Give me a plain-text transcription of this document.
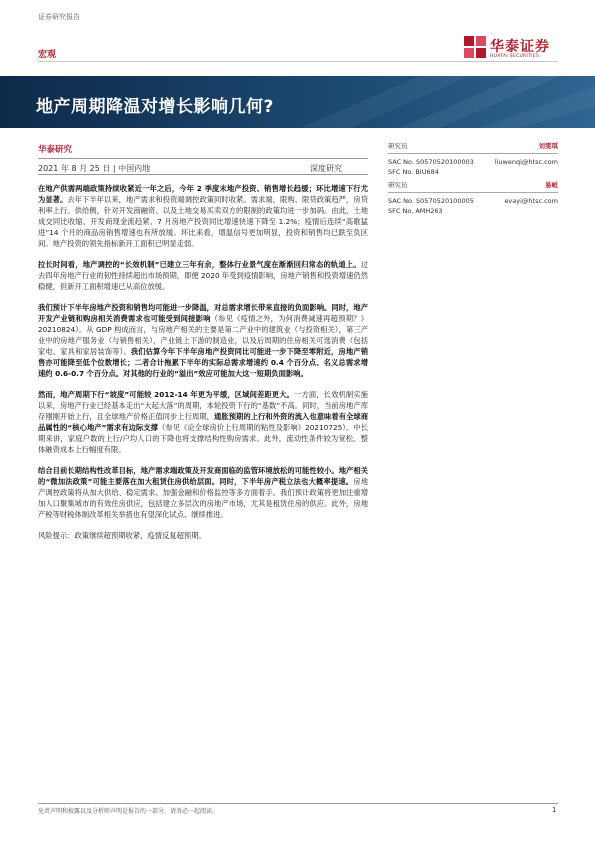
证券研究报告
宏观	华泰证券
HUATAI SECURITIES
地产周期降温对增长影响几何?
华泰研究
2021 年 8 月 25 日 | 中国内地	深度研究
研究员	刘雯琪
SAC No. S0570520100003	liuwenqi@htsc.com
SFC No. BIU684
研究员	易峘
SAC No. S0570520100005	evayi@htsc.com
SFC No. AMH263

在地产供需两端政策持续收紧近一年之后，今年 2 季度末地产投资、销售增长趋缓；环比增速下行尤为显著。去年下半年以来，地产需求和投资端调控政策同时收紧。需求端，限购、限贷政策趋严，房贷利率上行。供给侧，针对开发商融资、以及土地交易买卖双方的限制的政策均进一步加码。由此，土地成交同比收缩、开发商现金流趋紧。7 月房地产投资同比增速快速下降至 1.2%；疫情后连续“高歌猛进”14 个月的商品房销售增速也有所放缓。环比来看，增温信号更加明显，投资和销售均已跌至负区间。地产投资的领先指标新开工面积已明显走弱。

拉长时间看，地产调控的“长效机制”已建立三年有余，整体行业景气度在渐渐回归常态的轨道上。过去四年房地产行业的韧性持续超出市场预期，即便 2020 年受到疫情影响，房地产销售和投资增速仍然稳健，但新开工面积增速已从高位放缓。

我们预计下半年房地产投资和销售均可能进一步降温，对总需求增长带来直接的负面影响。同时，地产开发产业链和购房相关消费需求也可能受到间接影响（参见《疫情之外，为何消费减速再超预期？》20210824）。从 GDP 构成而言，与房地产相关的主要是第二产业中的建筑业（与投资相关），第三产业中的房地产服务业（与销售相关），产业链上下游的制造业，以及后周期的住房相关可选消费（包括家电、家具和家居装饰等）。我们估算今年下半年房地产投资同比可能进一步下降至零附近，房地产销售亦可能降至低个位数增长；二者合计拖累下半年的实际总需求增速约 0.4 个百分点、名义总需求增速约 0.6-0.7 个百分点。对其他的行业的“溢出”效应可能加大这一短期负面影响。

然而，地产周期下行“坡度”可能较 2012-14 年更为平缓，区域间差距更大。一方面，长效机制实施以来，房地产行业已经基本走出“大起大落”的周期，本轮投资下行的“基数”不高。同时，当前房地产库存刚刚开始上行，且全球地产价格正值同步上行周期，通胀预期的上行和外资的流入也意味着有全球商品属性的“核心地产”需求有边际支撑（参见《论全球房价上行周期的粘性及影响》20210725）。中长期来讲，家庭户数的上行/户均人口的下降也将支撑结构性购房需求。此外，流动性条件较为宽松、整体融资成本上行幅度有限。

结合目前长期结构性改革目标，地产需求端政策及开发商面临的监管环境放松的可能性较小。地产相关的“微加法政策”可能主要落在加大租赁住房供给层面。同时，下半年房产税立法也大概率提速。房地产调控政策将从加大供给、稳定需求、加强金融和价格监控等多方面着手。我们预计政策将更加注重增加人口聚集城市的有效住房供应，包括建立多层次的房地产市场，尤其是租赁住房的供应。此外，房地产税等财税体制改革相关举措也有望深化试点、继续推进。

风险提示：政策继续超预期收紧，疫情反复超预期。

免责声明和披露以及分析师声明是报告的一部分，请务必一起阅读。	1
